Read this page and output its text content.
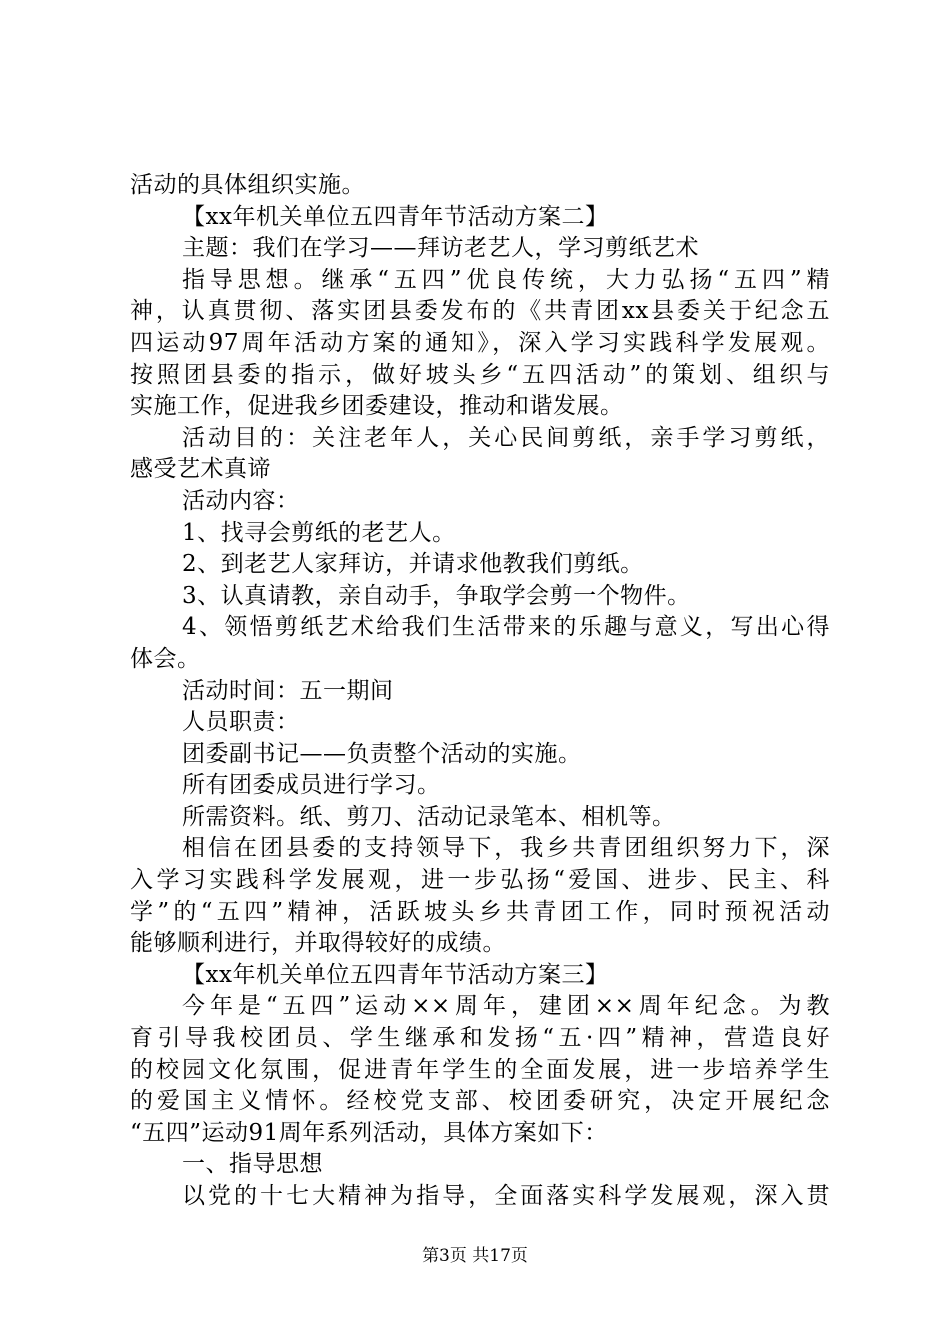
活动的具体组织实施。
【xx年机关单位五四青年节活动方案二】
主题：我们在学习——拜访老艺人，学习剪纸艺术
指导思想。继承“五四”优良传统，大力弘扬“五四”精
神，认真贯彻、落实团县委发布的《共青团xx县委关于纪念五
四运动97周年活动方案的通知》，深入学习实践科学发展观。
按照团县委的指示，做好坡头乡“五四活动”的策划、组织与
实施工作，促进我乡团委建设，推动和谐发展。
活动目的：关注老年人，关心民间剪纸，亲手学习剪纸，
感受艺术真谛
活动内容：
1、找寻会剪纸的老艺人。
2、到老艺人家拜访，并请求他教我们剪纸。
3、认真请教，亲自动手，争取学会剪一个物件。
4、领悟剪纸艺术给我们生活带来的乐趣与意义，写出心得
体会。
活动时间：五一期间
人员职责：
团委副书记——负责整个活动的实施。
所有团委成员进行学习。
所需资料。纸、剪刀、活动记录笔本、相机等。
相信在团县委的支持领导下，我乡共青团组织努力下，深
入学习实践科学发展观，进一步弘扬“爱国、进步、民主、科
学”的“五四”精神，活跃坡头乡共青团工作，同时预祝活动
能够顺利进行，并取得较好的成绩。
【xx年机关单位五四青年节活动方案三】
今年是“五四”运动××周年，建团××周年纪念。为教
育引导我校团员、学生继承和发扬“五·四”精神，营造良好
的校园文化氛围，促进青年学生的全面发展，进一步培养学生
的爱国主义情怀。经校党支部、校团委研究，决定开展纪念
“五四”运动91周年系列活动，具体方案如下：
一、指导思想
以党的十七大精神为指导，全面落实科学发展观，深入贯
第3页 共17页
